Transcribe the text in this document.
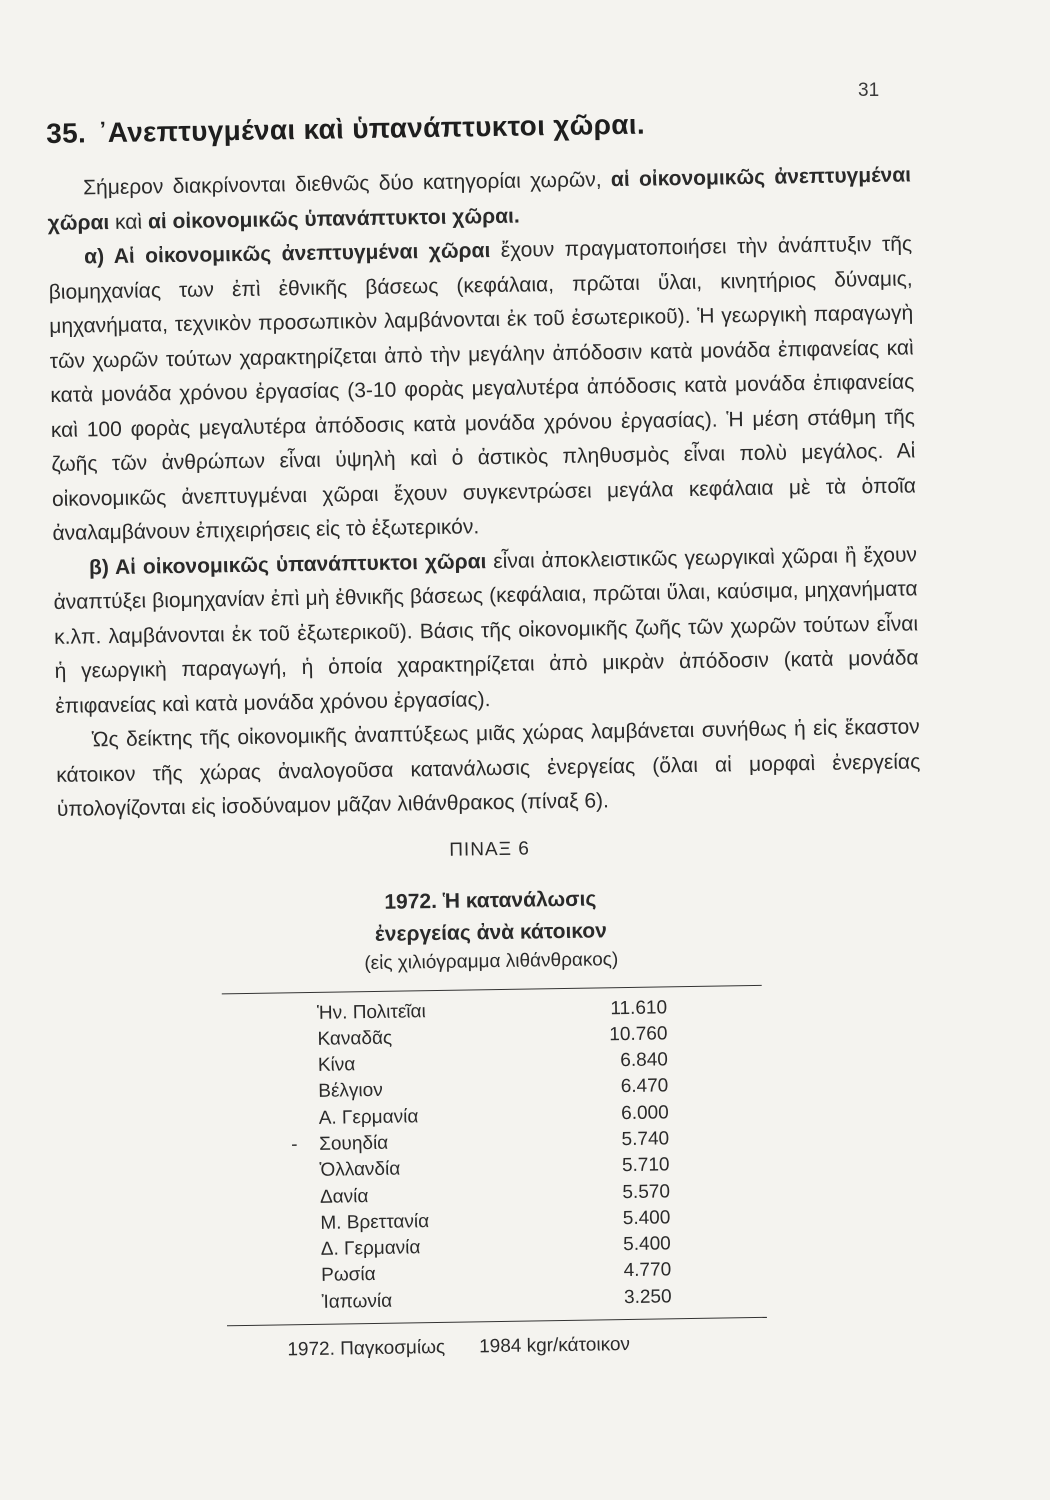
31
35. ᾿Ανεπτυγμέναι καὶ ὑπανάπτυκτοι χῶραι.

Σήμερον διακρίνονται διεθνῶς δύο κατηγορίαι χωρῶν, αἱ οἰκονομικῶς ἀνεπτυγμέναι χῶραι καὶ αἱ οἰκονομικῶς ὑπανάπτυκτοι χῶραι.

α) Αἱ οἰκονομικῶς ἀνεπτυγμέναι χῶραι ἔχουν πραγματοποιήσει τὴν ἀνάπτυξιν τῆς βιομηχανίας των ἐπὶ ἐθνικῆς βάσεως (κεφάλαια, πρῶται ὕλαι, κινητήριος δύναμις, μηχανήματα, τεχνικὸν προσωπικὸν λαμβάνονται ἐκ τοῦ ἐσωτερικοῦ). Ἡ γεωργικὴ παραγωγὴ τῶν χωρῶν τούτων χαρακτηρίζεται ἀπὸ τὴν μεγάλην ἀπόδοσιν κατὰ μονάδα ἐπιφανείας καὶ κατὰ μονάδα χρόνου ἐργασίας (3-10 φορὰς μεγαλυτέρα ἀπόδοσις κατὰ μονάδα ἐπιφανείας καὶ 100 φορὰς μεγαλυτέρα ἀπόδοσις κατὰ μονάδα χρόνου ἐργασίας). Ἡ μέση στάθμη τῆς ζωῆς τῶν ἀνθρώπων εἶναι ὑψηλὴ καὶ ὁ ἀστικὸς πληθυσμὸς εἶναι πολὺ μεγάλος. Αἱ οἰκονομικῶς ἀνεπτυγμέναι χῶραι ἔχουν συγκεντρώσει μεγάλα κεφάλαια μὲ τὰ ὁποῖα ἀναλαμβάνουν ἐπιχειρήσεις εἰς τὸ ἐξωτερικόν.

β) Αἱ οἰκονομικῶς ὑπανάπτυκτοι χῶραι εἶναι ἀποκλειστικῶς γεωργικαὶ χῶραι ἢ ἔχουν ἀναπτύξει βιομηχανίαν ἐπὶ μὴ ἐθνικῆς βάσεως (κεφάλαια, πρῶται ὕλαι, καύσιμα, μηχανήματα κ.λπ. λαμβάνονται ἐκ τοῦ ἐξωτερικοῦ). Βάσις τῆς οἰκονομικῆς ζωῆς τῶν χωρῶν τούτων εἶναι ἡ γεωργικὴ παραγωγή, ἡ ὁποία χαρακτηρίζεται ἀπὸ μικρὰν ἀπόδοσιν (κατὰ μονάδα ἐπιφανείας καὶ κατὰ μονάδα χρόνου ἐργασίας).

Ὡς δείκτης τῆς οἰκονομικῆς ἀναπτύξεως μιᾶς χώρας λαμβάνεται συνήθως ἡ εἰς ἕκαστον κάτοικον τῆς χώρας ἀναλογοῦσα κατανάλωσις ἐνεργείας (ὅλαι αἱ μορφαὶ ἐνεργείας ὑπολογίζονται εἰς ἰσοδύναμον μᾶζαν λιθάνθρακος (πίναξ 6).

ΠΙΝΑΞ 6
1972. Ἡ κατανάλωσις
ἐνεργείας ἀνὰ κάτοικον
(εἰς χιλιόγραμμα λιθάνθρακος)
Ἡν. Πολιτεῖαι	11.610
Καναδᾶς	10.760
Κίνα	6.840
Βέλγιον	6.470
Α. Γερμανία	6.000
- Σουηδία	5.740
Ὁλλανδία	5.710
Δανία	5.570
Μ. Βρεττανία	5.400
Δ. Γερμανία	5.400
Ρωσία	4.770
Ἰαπωνία	3.250
1972. Παγκοσμίως 1984 kgr/κάτοικον
